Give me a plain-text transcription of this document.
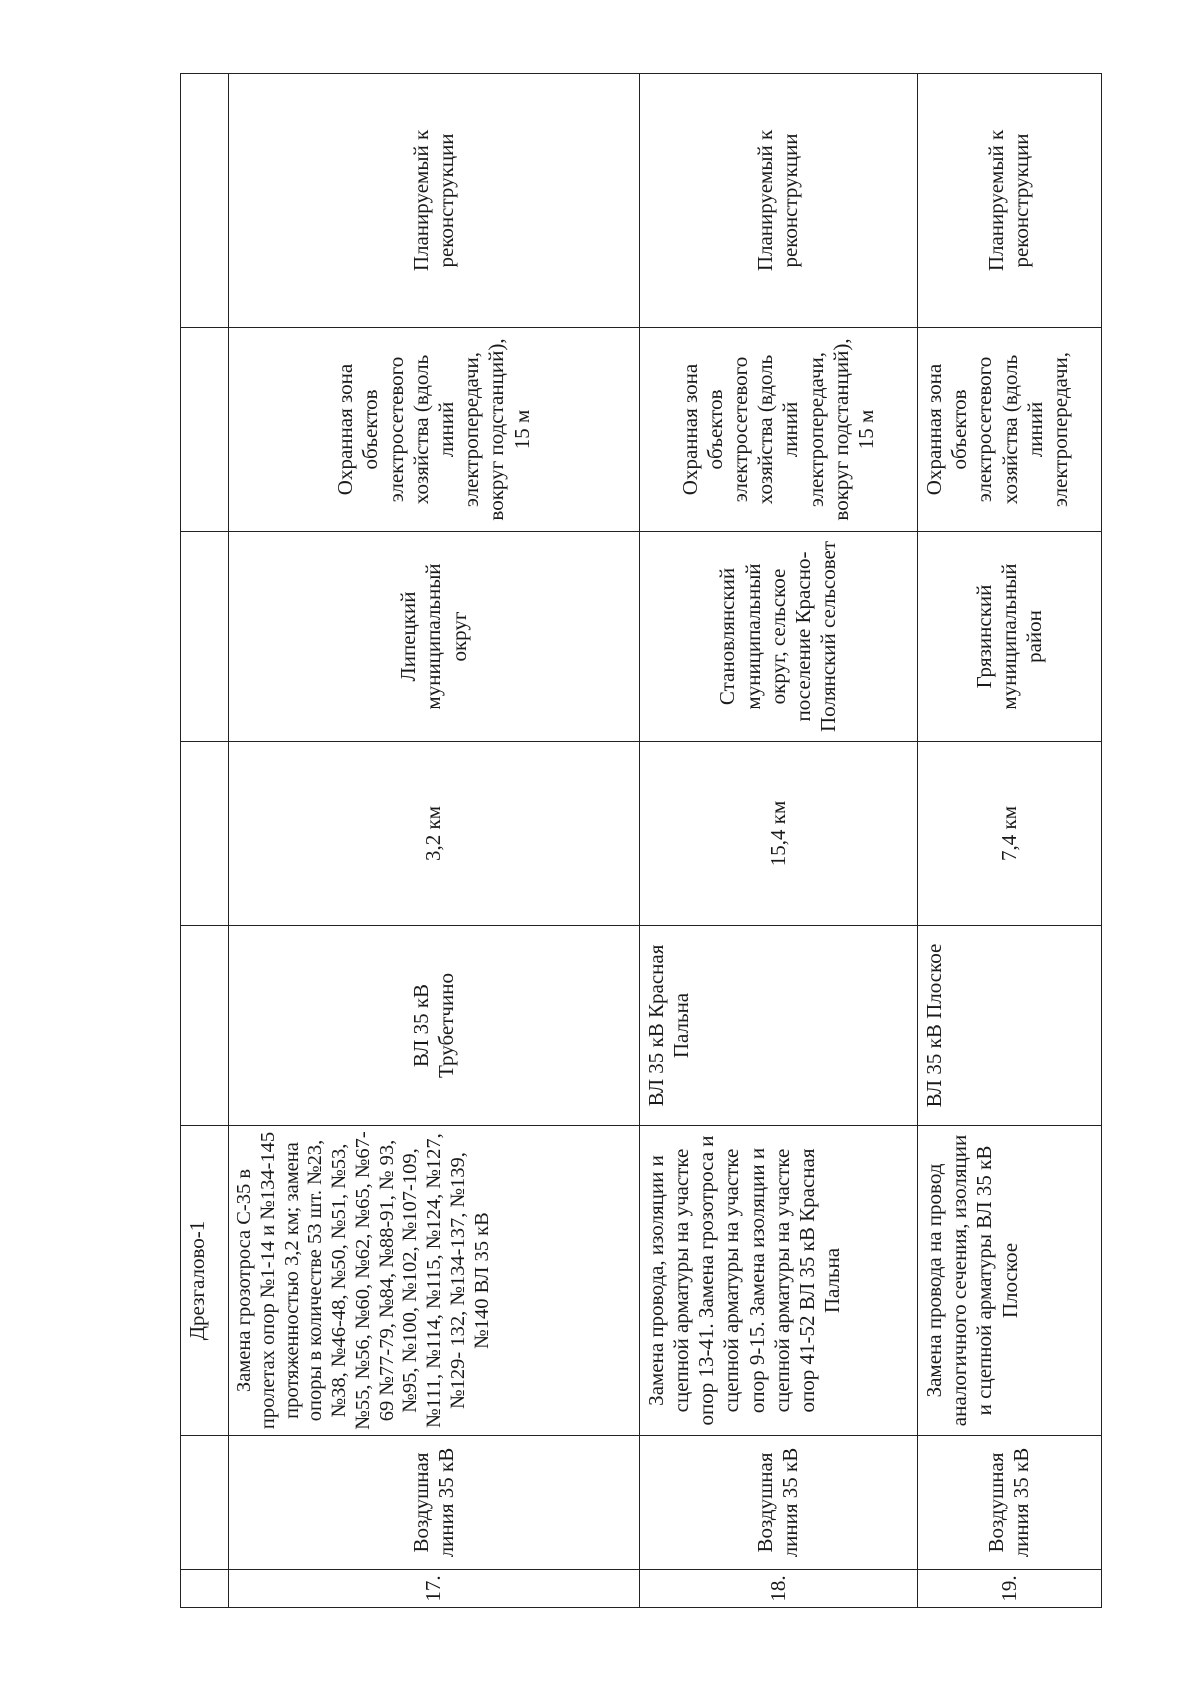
		Дрезгалово-1					
17.	Воздушная линия 35 кВ	Замена грозотроса С-35 в пролетах опор №1-14 и №134-145 протяженностью 3,2 км; замена опоры в количестве 53 шт. №23, №38, №46-48, №50, №51, №53, №55, №56, №60, №62, №65, №67-69 №77-79, №84, №88-91, № 93, №95, №100, №102, №107-109, №111, №114, №115, №124, №127, №129- 132, №134-137, №139, №140 ВЛ 35 кВ	ВЛ 35 кВ Трубетчино	3,2 км	Липецкий муниципальный округ	Охранная зона объектов электросетевого хозяйства (вдоль линий электропередачи, вокруг подстанций), 15 м	Планируемый к реконструкции
18.	Воздушная линия 35 кВ	Замена провода, изоляции и сцепной арматуры на участке опор 13-41. Замена грозотроса и сцепной арматуры на участке опор 9-15. Замена изоляции и сцепной арматуры на участке опор 41-52 ВЛ 35 кВ Красная Пальна	ВЛ 35 кВ Красная Пальна	15,4 км	Становлянский муниципальный округ, сельское поселение Красно-Полянский сельсовет	Охранная зона объектов электросетевого хозяйства (вдоль линий электропередачи, вокруг подстанций), 15 м	Планируемый к реконструкции
19.	Воздушная линия 35 кВ	Замена провода на провод аналогичного сечения, изоляции и сцепной арматуры ВЛ 35 кВ Плоское	ВЛ 35 кВ Плоское	7,4 км	Грязинский муниципальный район	Охранная зона объектов электросетевого хозяйства (вдоль линий электропередачи,	Планируемый к реконструкции
